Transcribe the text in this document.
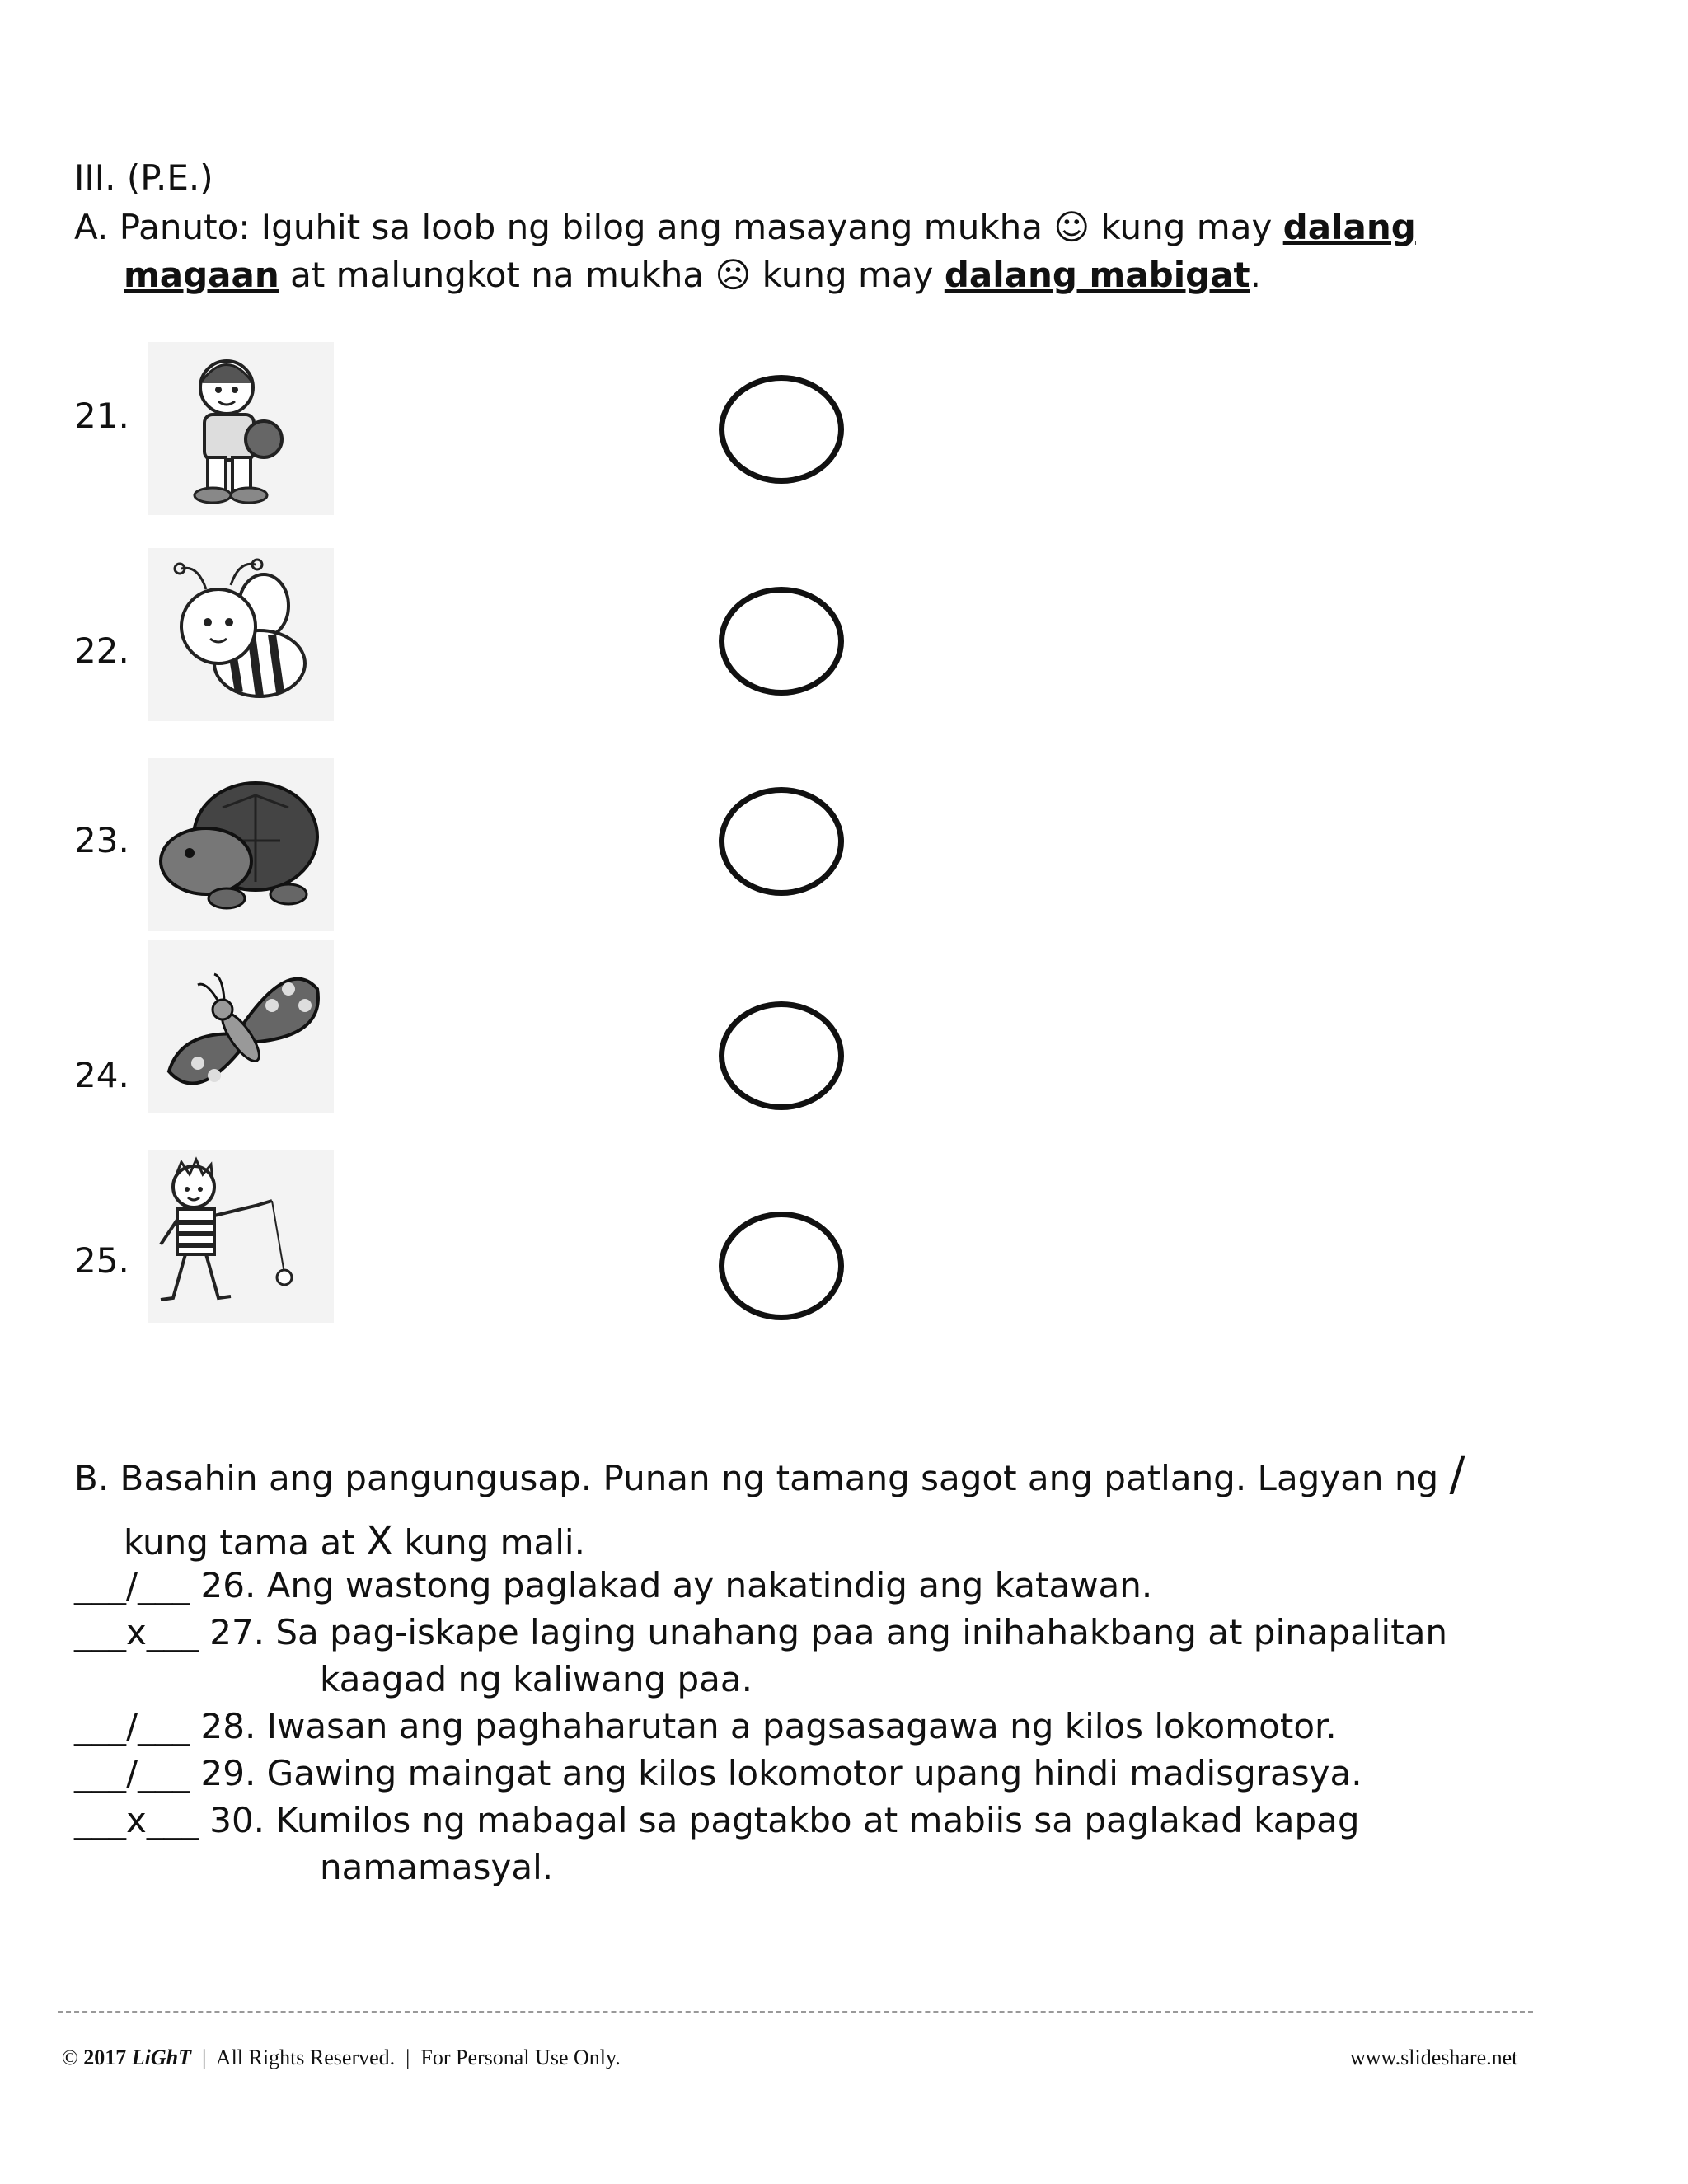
III. (P.E.)
A. Panuto: Iguhit sa loob ng bilog ang masayang mukha ☺ kung may dalang
magaan at malungkot na mukha ☹ kung may dalang mabigat.
21.
22.
23.
24.
25.
B. Basahin ang pangungusap. Punan ng tamang sagot ang patlang. Lagyan ng /
kung tama at X kung mali.
___/___ 26. Ang wastong paglakad ay nakatindig ang katawan.
___x___ 27. Sa pag-iskape laging unahang paa ang inihahakbang at pinapalitan
kaagad ng kaliwang paa.
___/___ 28. Iwasan ang paghaharutan a pagsasagawa ng kilos lokomotor.
___/___ 29. Gawing maingat ang kilos lokomotor upang hindi madisgrasya.
___x___ 30. Kumilos ng mabagal sa pagtakbo at mabiis sa paglakad kapag
namamasyal.
© 2017 LiGhT | All Rights Reserved. | For Personal Use Only.	www.slideshare.net
